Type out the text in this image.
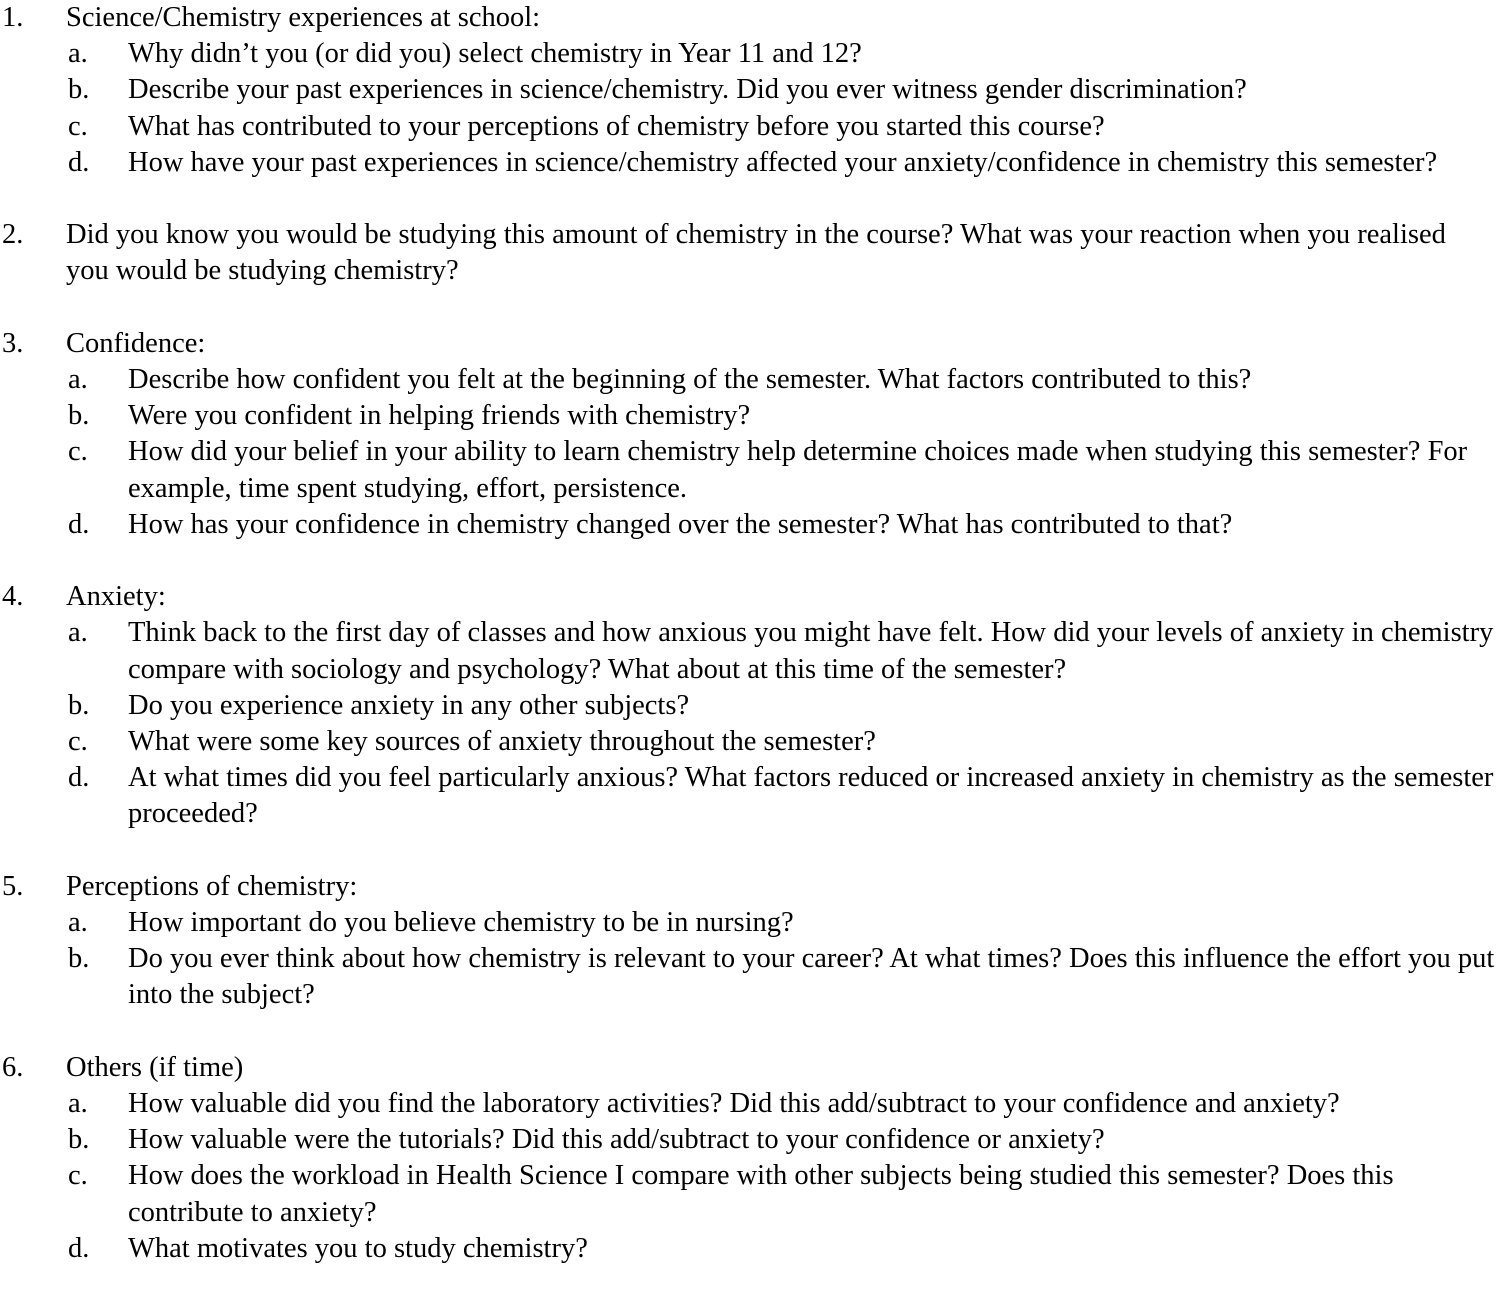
1.	Science/Chemistry experiences at school:
a.	Why didn’t you (or did you) select chemistry in Year 11 and 12?
b.	Describe your past experiences in science/chemistry. Did you ever witness gender discrimination?
c.	What has contributed to your perceptions of chemistry before you started this course?
d.	How have your past experiences in science/chemistry affected your anxiety/confidence in chemistry this semester?
2.	Did you know you would be studying this amount of chemistry in the course? What was your reaction when you realised you would be studying chemistry?
3.	Confidence:
a.	Describe how confident you felt at the beginning of the semester. What factors contributed to this?
b.	Were you confident in helping friends with chemistry?
c.	How did your belief in your ability to learn chemistry help determine choices made when studying this semester? For example, time spent studying, effort, persistence.
d.	How has your confidence in chemistry changed over the semester? What has contributed to that?
4.	Anxiety:
a.	Think back to the first day of classes and how anxious you might have felt. How did your levels of anxiety in chemistry compare with sociology and psychology? What about at this time of the semester?
b.	Do you experience anxiety in any other subjects?
c.	What were some key sources of anxiety throughout the semester?
d.	At what times did you feel particularly anxious? What factors reduced or increased anxiety in chemistry as the semester proceeded?
5.	Perceptions of chemistry:
a.	How important do you believe chemistry to be in nursing?
b.	Do you ever think about how chemistry is relevant to your career? At what times? Does this influence the effort you put into the subject?
6.	Others (if time)
a.	How valuable did you find the laboratory activities? Did this add/subtract to your confidence and anxiety?
b.	How valuable were the tutorials? Did this add/subtract to your confidence or anxiety?
c.	How does the workload in Health Science I compare with other subjects being studied this semester? Does this contribute to anxiety?
d.	What motivates you to study chemistry?
